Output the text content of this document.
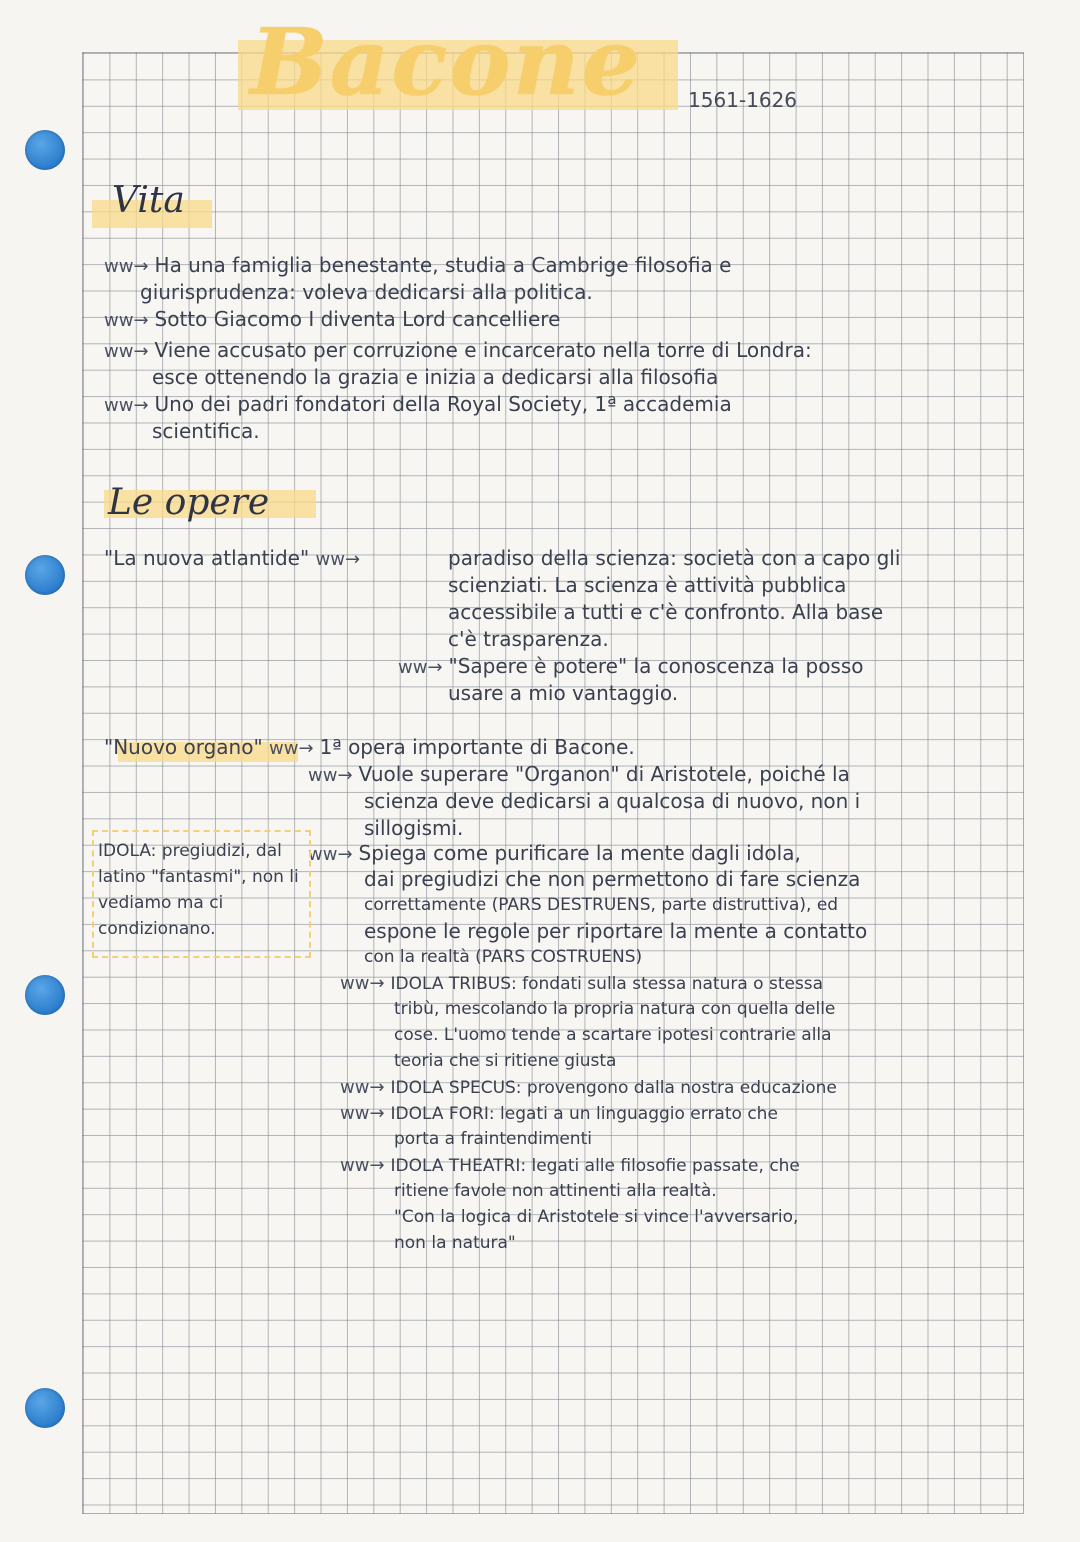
Bacone 1561-1626
Vita
ww→ Ha una famiglia benestante, studia a Cambrige filosofia e
giurisprudenza: voleva dedicarsi alla politica.
ww→ Sotto Giacomo I diventa Lord cancelliere
ww→ Viene accusato per corruzione e incarcerato nella torre di Londra:
esce ottenendo la grazia e inizia a dedicarsi alla filosofia
ww→ Uno dei padri fondatori della Royal Society, 1ª accademia
scientifica.
Le opere
"La nuova atlantide" ww→	paradiso della scienza: società con a capo gli
scienziati. La scienza è attività pubblica
accessibile a tutti e c'è confronto. Alla base
c'è trasparenza.
ww→ "Sapere è potere" la conoscenza la posso
usare a mio vantaggio.
"Nuovo organo" ww→ 1ª opera importante di Bacone.
ww→ Vuole superare "Organon" di Aristotele, poiché la
scienza deve dedicarsi a qualcosa di nuovo, non i
sillogismi.
ww→ Spiega come purificare la mente dagli idola,
dai pregiudizi che non permettono di fare scienza
correttamente (PARS DESTRUENS, parte distruttiva), ed
espone le regole per riportare la mente a contatto
con la realtà (PARS COSTRUENS)
ww→ IDOLA TRIBUS: fondati sulla stessa natura o stessa
tribù, mescolando la propria natura con quella delle
cose. L'uomo tende a scartare ipotesi contrarie alla
teoria che si ritiene giusta
ww→ IDOLA SPECUS: provengono dalla nostra educazione
ww→ IDOLA FORI: legati a un linguaggio errato che
porta a fraintendimenti
ww→ IDOLA THEATRI: legati alle filosofie passate, che
ritiene favole non attinenti alla realtà.
"Con la logica di Aristotele si vince l'avversario,
non la natura"
IDOLA: pregiudizi, dal latino "fantasmi", non li vediamo ma ci condizionano.
